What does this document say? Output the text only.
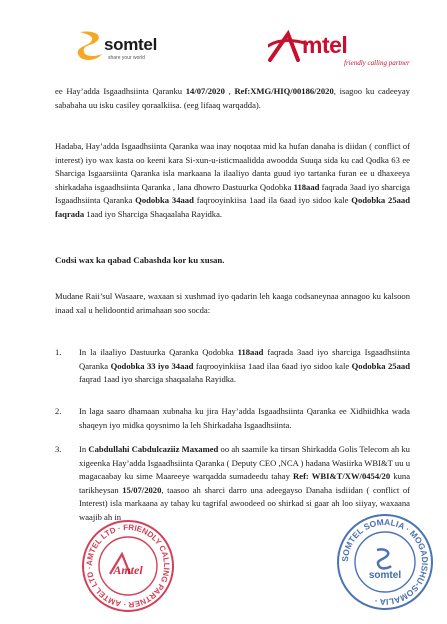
somtel
share your world	mtel
friendly calling partner
ee Hay’adda Isgaadhsiinta Qaranku 14/07/2020 , Ref:XMG/HIQ/00186/2020, isagoo ku cadeeyay sababaha uu isku casiley qoraalkiisa. (eeg lifaaq warqadda).
Hadaba, Hay’adda Isgaadhsiinta Qaranka waa inay noqotaa mid ka hufan danaha is diidan ( conflict of interest) iyo wax kasta oo keeni kara Si-xun-u-isticmaalidda awoodda Suuqa sida ku cad Qodka 63 ee Sharciga Isgaarsiinta Qaranka isla markaana la ilaaliyo danta guud iyo tartanka furan ee u dhaxeeya shirkadaha isgaadhsiinta Qaranka , lana dhowro Dastuurka Qodobka 118aad faqrada 3aad iyo sharciga Isgaadhsiinta Qaranka Qodobka 34aad faqrooyinkiisa 1aad ila 6aad iyo sidoo kale Qodobka 25aad faqrada 1aad iyo Sharciga Shaqaalaha Rayidka.
Codsi wax ka qabad Cabashda kor ku xusan.
Mudane Raii’sul Wasaare, waxaan si xushmad iyo qadarin leh kaaga codsaneynaa annagoo ku kalsoon inaad xal u helidoontid arimahaan soo socda:
1. In la ilaaliyo Dastuurka Qaranka Qodobka 118aad faqrada 3aad iyo sharciga Isgaadhsiinta Qaranka Qodobka 33 iyo 34aad faqrooyinkiisa 1aad ilaa 6aad iyo sidoo kale Qodobka 25aad faqrad 1aad iyo sharciga shaqaalaha Rayidka.
2. In laga saaro dhamaan xubnaha ku jira Hay’adda Isgaadhsiinta Qaranka ee Xidhiidhka wada shaqeyn iyo midka qoysnimo la leh Shirkadaha Isgaadhsiinta.
3. In Cabdullahi Cabdulcaziiz Maxamed oo ah saamile ka tirsan Shirkadda Golis Telecom ah ku xigeenka Hay’adda Isgaadhsiinta Qaranka ( Deputy CEO ,NCA ) hadana Wasiirka WBI&T uu u magacaabay ku sime Maareeye warqadda sumadeedu tahay Ref: WBI&T/XW/0454/20 kuna tarikheysan 15/07/2020, taasoo ah sharci darro una adeegayso Danaha isdiidan ( conflict of Interest) isla markaana ay tahay ku tagrifal awoodeed oo shirkad si gaar ah loo siiyay, waxaana waajib ah in
AMTEL LTD · FRIENDLY CALLING PARTNER · AMTEL LTD ·	Amtel
SOMTEL SOMALIA · MOGADISHU-SOMALIA ·
somtel
